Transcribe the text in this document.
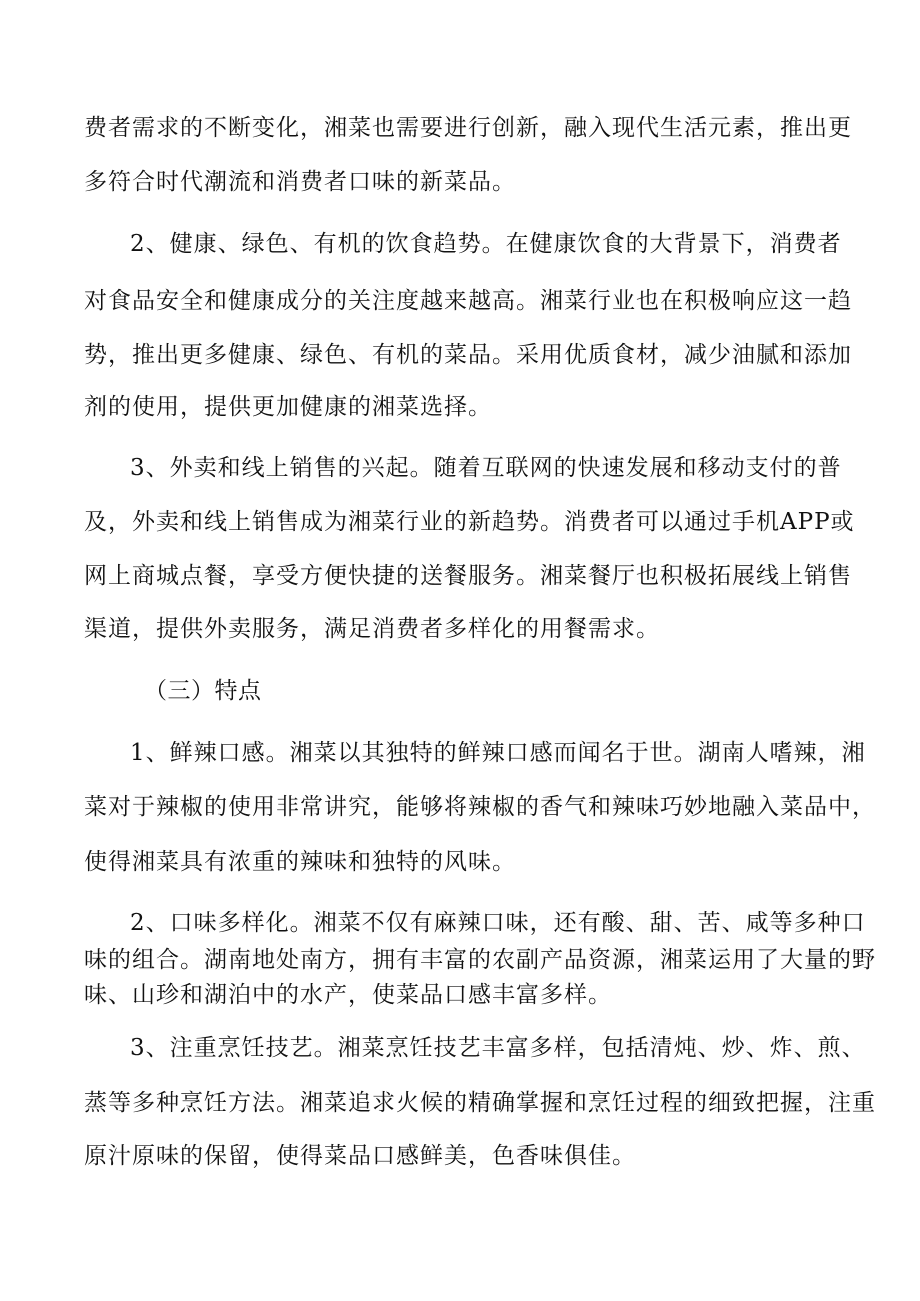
费者需求的不断变化，湘菜也需要进行创新，融入现代生活元素，推出更
多符合时代潮流和消费者口味的新菜品。
2、健康、绿色、有机的饮食趋势。在健康饮食的大背景下，消费者
对食品安全和健康成分的关注度越来越高。湘菜行业也在积极响应这一趋
势，推出更多健康、绿色、有机的菜品。采用优质食材，减少油腻和添加
剂的使用，提供更加健康的湘菜选择。
3、外卖和线上销售的兴起。随着互联网的快速发展和移动支付的普
及，外卖和线上销售成为湘菜行业的新趋势。消费者可以通过手机APP或
网上商城点餐，享受方便快捷的送餐服务。湘菜餐厅也积极拓展线上销售
渠道，提供外卖服务，满足消费者多样化的用餐需求。
（三）特点
1、鲜辣口感。湘菜以其独特的鲜辣口感而闻名于世。湖南人嗜辣，湘
菜对于辣椒的使用非常讲究，能够将辣椒的香气和辣味巧妙地融入菜品中，
使得湘菜具有浓重的辣味和独特的风味。
2、口味多样化。湘菜不仅有麻辣口味，还有酸、甜、苦、咸等多种口
味的组合。湖南地处南方，拥有丰富的农副产品资源，湘菜运用了大量的野
味、山珍和湖泊中的水产，使菜品口感丰富多样。
3、注重烹饪技艺。湘菜烹饪技艺丰富多样，包括清炖、炒、炸、煎、
蒸等多种烹饪方法。湘菜追求火候的精确掌握和烹饪过程的细致把握，注重
原汁原味的保留，使得菜品口感鲜美，色香味俱佳。
